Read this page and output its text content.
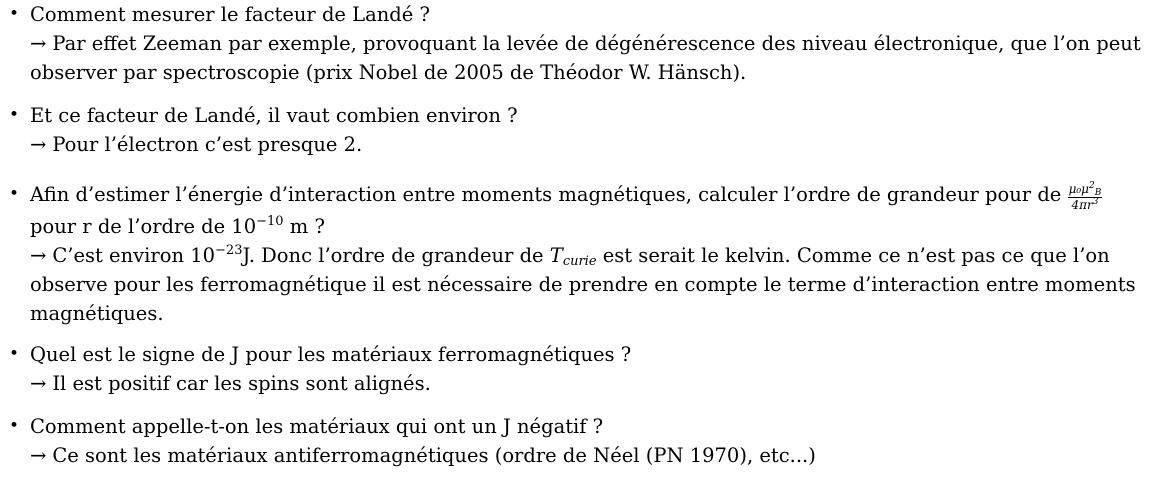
• Comment mesurer le facteur de Landé ?
→ Par effet Zeeman par exemple, provoquant la levée de dégénérescence des niveau électronique, que l’on peut
observer par spectroscopie (prix Nobel de 2005 de Théodor W. Hänsch).
• Et ce facteur de Landé, il vaut combien environ ?
→ Pour l’électron c’est presque 2.
• Afin d’estimer l’énergie d’interaction entre moments magnétiques, calculer l’ordre de grandeur pour de $\frac{\mu_0\mu^2_B}{4\pi r^3}$
pour r de l’ordre de $10^{-10}$ m ?
→ C’est environ $10^{-23}J$. Donc l’ordre de grandeur de $T_{curie}$ est serait le kelvin. Comme ce n’est pas ce que l’on
observe pour les ferromagnétique il est nécessaire de prendre en compte le terme d’interaction entre moments
magnétiques.
• Quel est le signe de J pour les matériaux ferromagnétiques ?
→ Il est positif car les spins sont alignés.
• Comment appelle-t-on les matériaux qui ont un J négatif ?
→ Ce sont les matériaux antiferromagnétiques (ordre de Néel (PN 1970), etc...)
